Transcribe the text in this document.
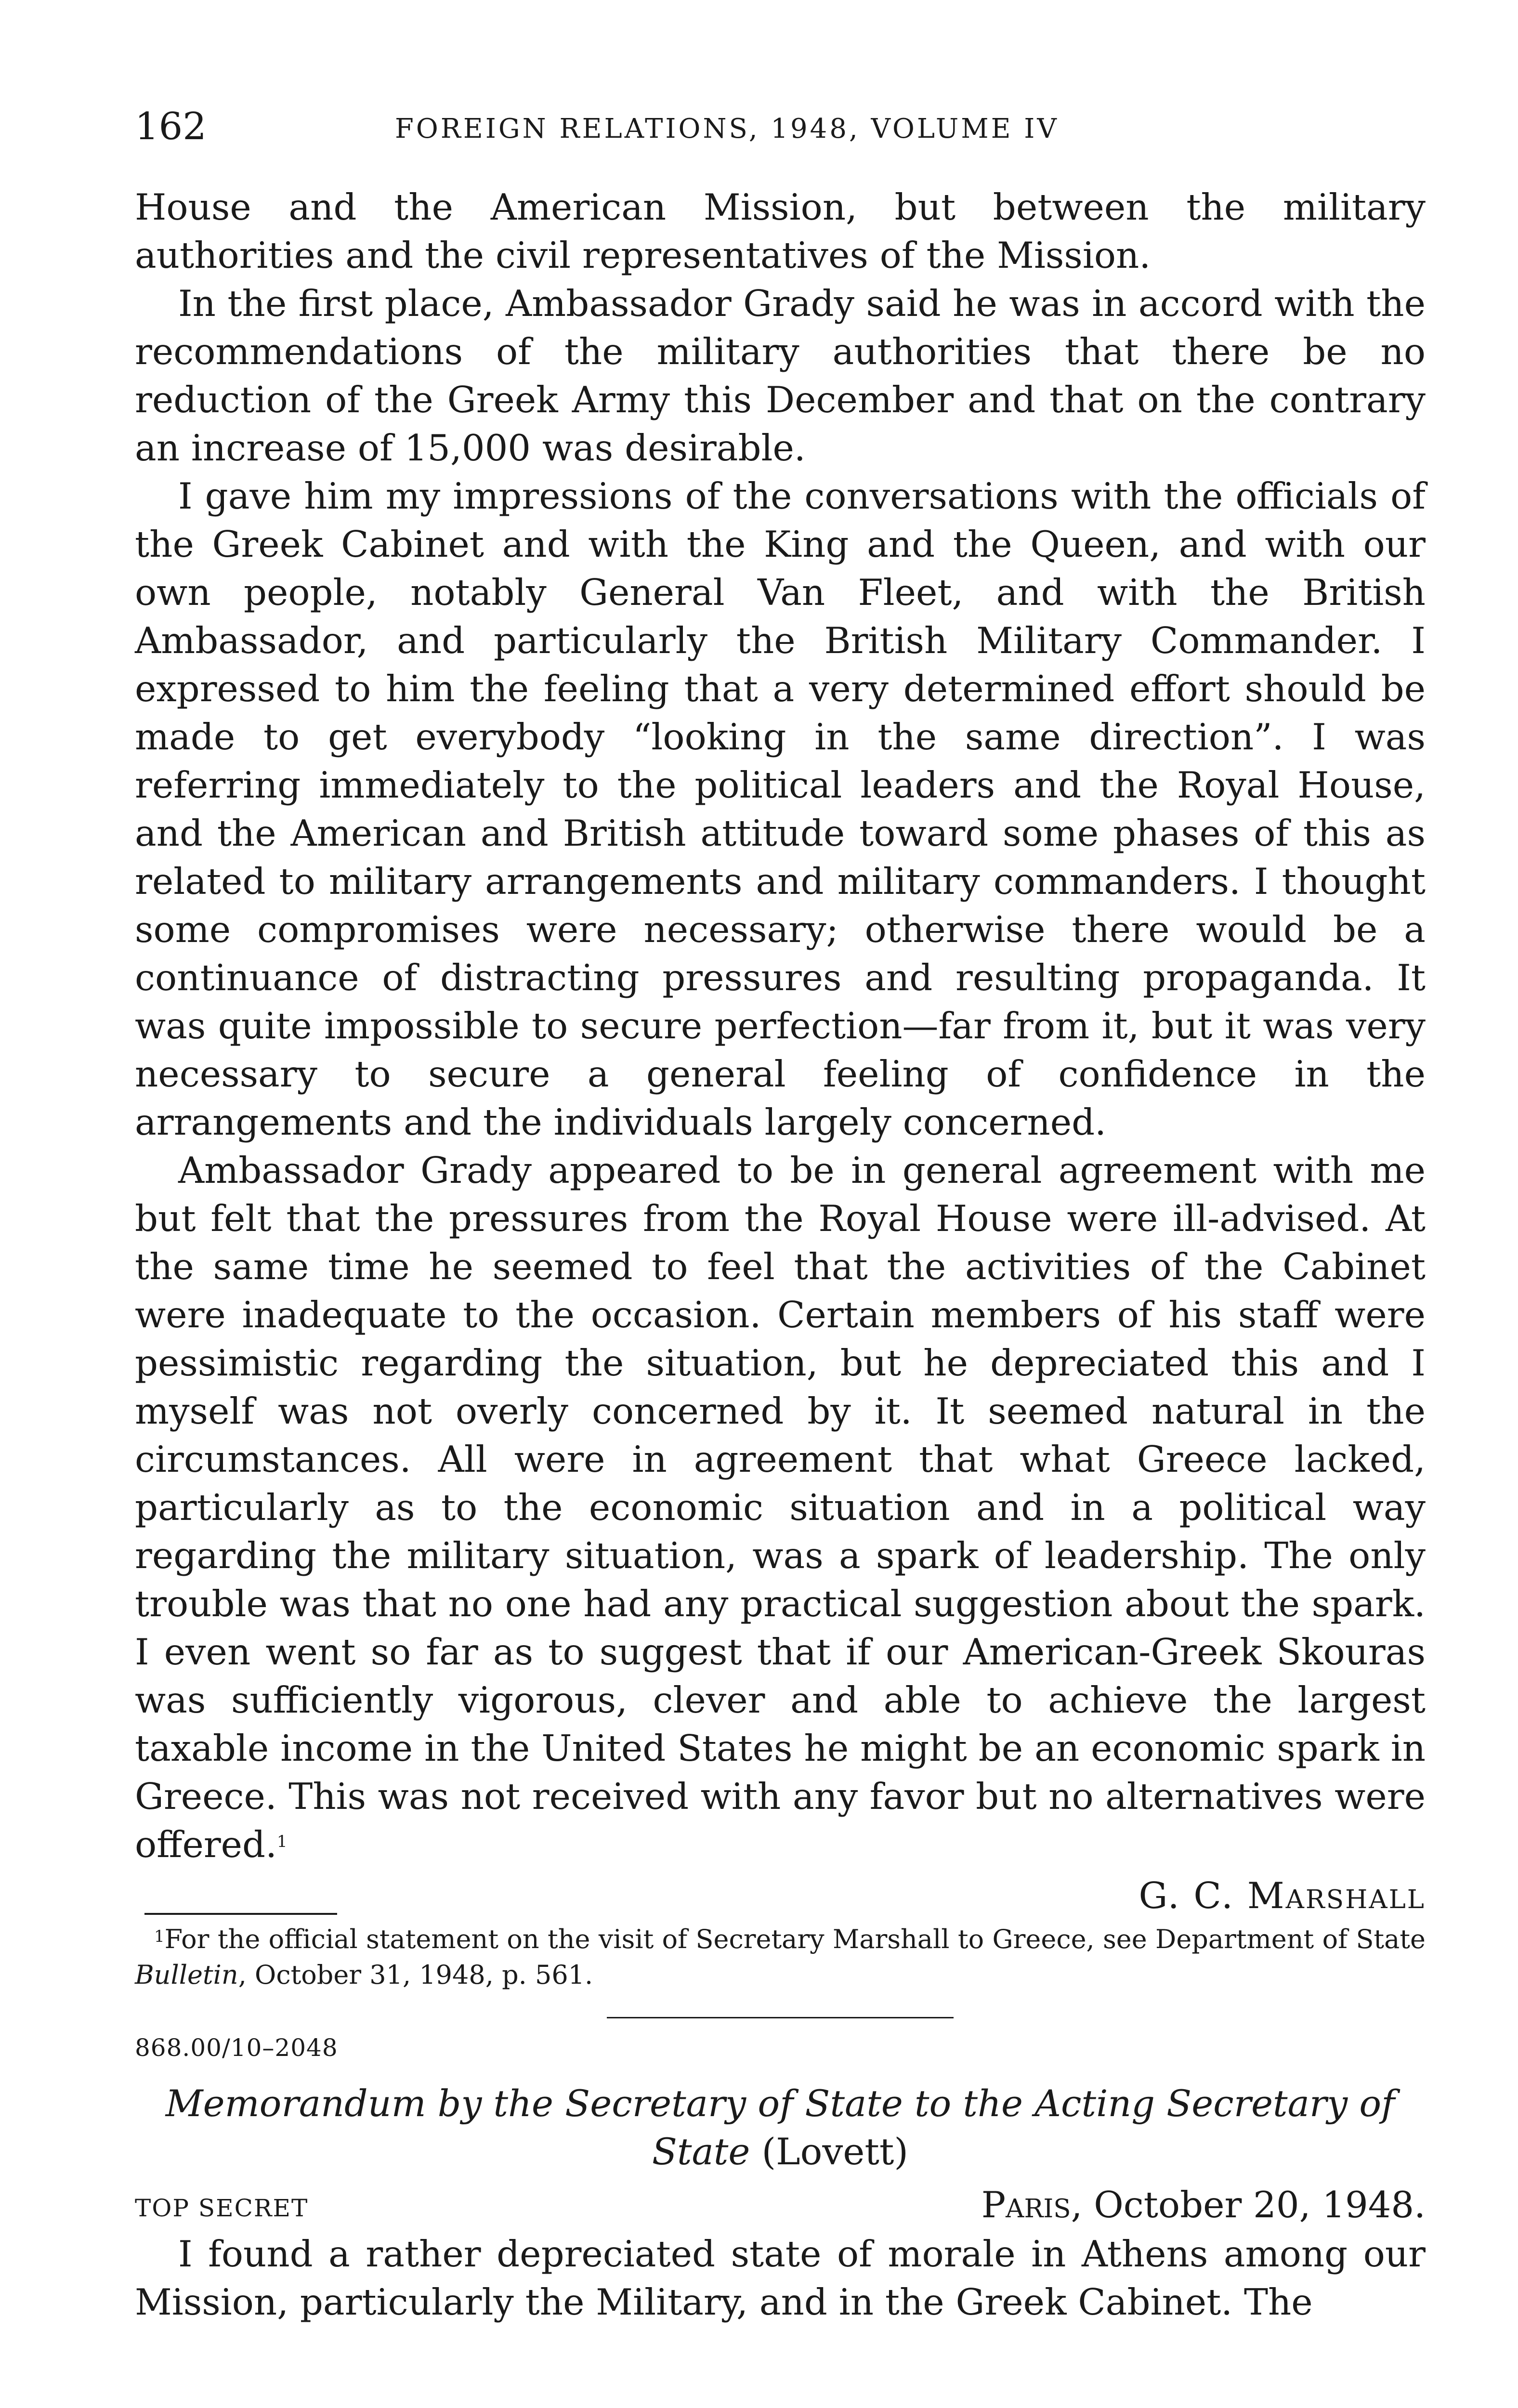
162	FOREIGN RELATIONS, 1948, VOLUME IV

House and the American Mission, but between the military authorities and the civil representatives of the Mission.

In the first place, Ambassador Grady said he was in accord with the recommendations of the military authorities that there be no reduction of the Greek Army this December and that on the contrary an increase of 15,000 was desirable.

I gave him my impressions of the conversations with the officials of the Greek Cabinet and with the King and the Queen, and with our own people, notably General Van Fleet, and with the British Ambassador, and particularly the British Military Commander. I expressed to him the feeling that a very determined effort should be made to get everybody “looking in the same direction”. I was referring immediately to the political leaders and the Royal House, and the American and British attitude toward some phases of this as related to military arrangements and military commanders. I thought some compromises were necessary; otherwise there would be a continuance of distracting pressures and resulting propaganda. It was quite impossible to secure perfection—far from it, but it was very necessary to secure a general feeling of confidence in the arrangements and the individuals largely concerned.

Ambassador Grady appeared to be in general agreement with me but felt that the pressures from the Royal House were ill-advised. At the same time he seemed to feel that the activities of the Cabinet were inadequate to the occasion. Certain members of his staff were pessimistic regarding the situation, but he depreciated this and I myself was not overly concerned by it. It seemed natural in the circumstances. All were in agreement that what Greece lacked, particularly as to the economic situation and in a political way regarding the military situation, was a spark of leadership. The only trouble was that no one had any practical suggestion about the spark. I even went so far as to suggest that if our American-Greek Skouras was sufficiently vigorous, clever and able to achieve the largest taxable income in the United States he might be an economic spark in Greece. This was not received with any favor but no alternatives were offered.$^1$

G. C. Marshall

$^1$For the official statement on the visit of Secretary Marshall to Greece, see Department of State Bulletin, October 31, 1948, p. 561.

868.00/10–2048

Memorandum by the Secretary of State to the Acting Secretary of State (Lovett)

TOP SECRET	Paris, October 20, 1948.

I found a rather depreciated state of morale in Athens among our Mission, particularly the Military, and in the Greek Cabinet. The
